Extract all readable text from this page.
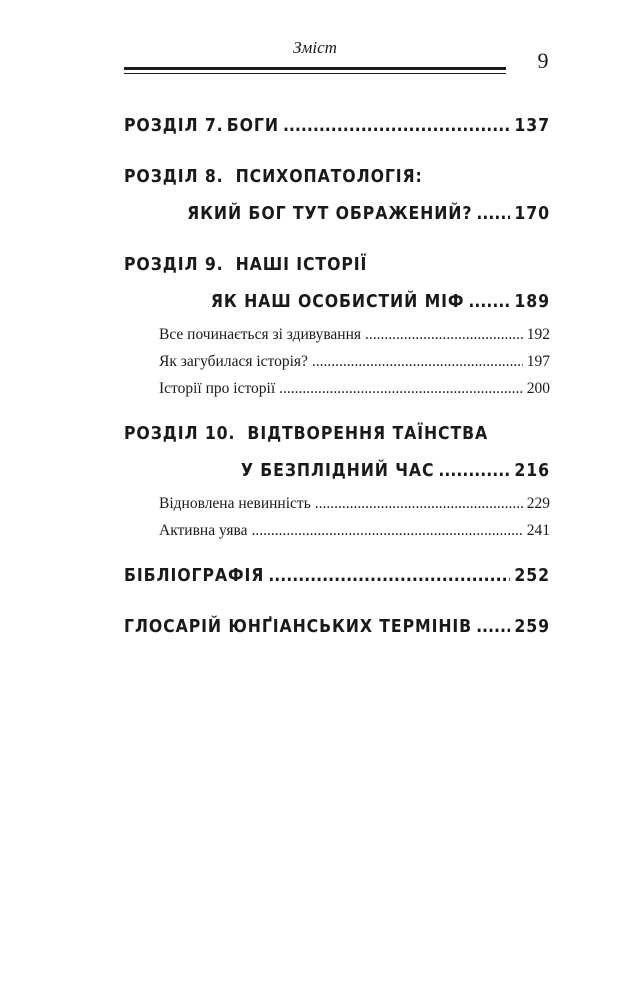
Зміст
9
РОЗДІЛ 7. БОГИ .....	137
РОЗДІЛ 8. ПСИХОПАТОЛОГІЯ:
ЯКИЙ БОГ ТУТ ОБРАЖЕНИЙ? ..... 170
РОЗДІЛ 9. НАШІ ІСТОРІЇ
ЯК НАШ ОСОБИСТИЙ МІФ .....	189
Все починається зі здивування .....	192
Як загубилася історія? .....	197
Історії про історії .....	200
РОЗДІЛ 10. ВІДТВОРЕННЯ ТАЇНСТВА
У БЕЗПЛІДНИЙ ЧАС .....	216
Відновлена невинність .....	229
Активна уява .....	241
БІБЛІОГРАФІЯ .....	252
ГЛОСАРІЙ ЮНҐІАНСЬКИХ ТЕРМІНІВ ..... 259
